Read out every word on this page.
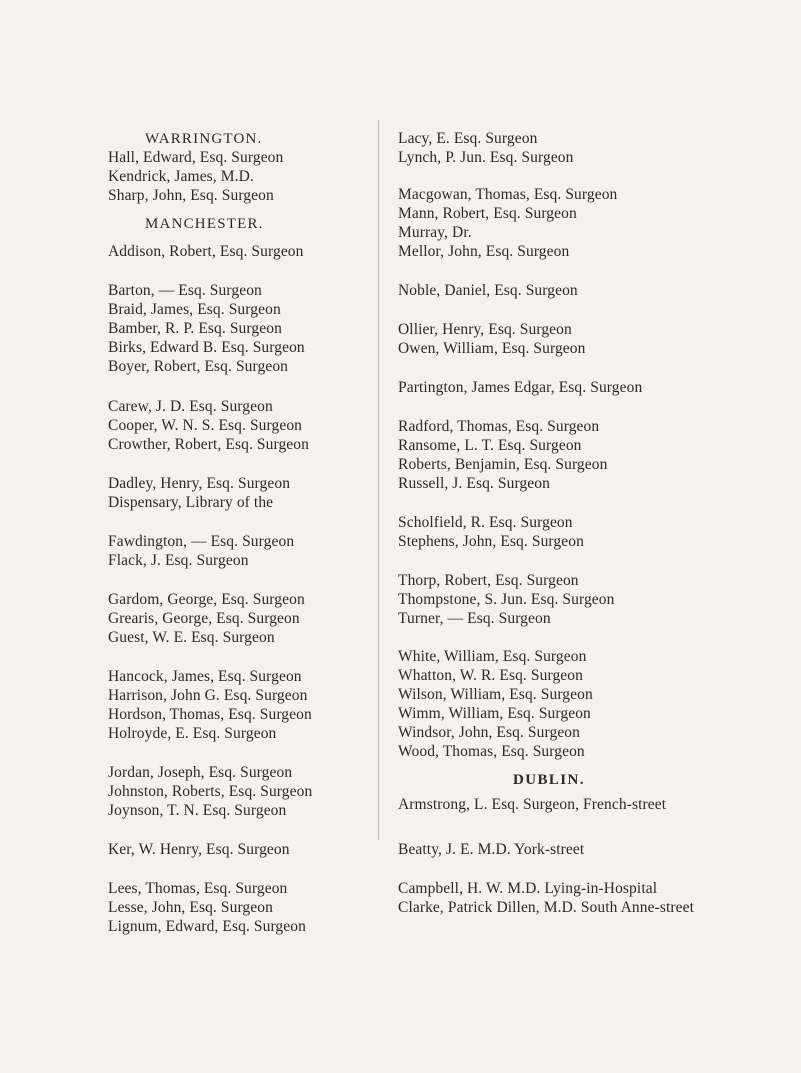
WARRINGTON.
Hall, Edward, Esq. Surgeon
Kendrick, James, M.D.
Sharp, John, Esq. Surgeon
MANCHESTER.
Addison, Robert, Esq. Surgeon
Barton, — Esq. Surgeon
Braid, James, Esq. Surgeon
Bamber, R. P. Esq. Surgeon
Birks, Edward B. Esq. Surgeon
Boyer, Robert, Esq. Surgeon
Carew, J. D. Esq. Surgeon
Cooper, W. N. S. Esq. Surgeon
Crowther, Robert, Esq. Surgeon
Dadley, Henry, Esq. Surgeon
Dispensary, Library of the
Fawdington, — Esq. Surgeon
Flack, J. Esq. Surgeon
Gardom, George, Esq. Surgeon
Grearis, George, Esq. Surgeon
Guest, W. E. Esq. Surgeon
Hancock, James, Esq. Surgeon
Harrison, John G. Esq. Surgeon
Hordson, Thomas, Esq. Surgeon
Holroyde, E. Esq. Surgeon
Jordan, Joseph, Esq. Surgeon
Johnston, Roberts, Esq. Surgeon
Joynson, T. N. Esq. Surgeon
Ker, W. Henry, Esq. Surgeon
Lees, Thomas, Esq. Surgeon
Lesse, John, Esq. Surgeon
Lignum, Edward, Esq. Surgeon
Lacy, E. Esq. Surgeon
Lynch, P. Jun. Esq. Surgeon
Macgowan, Thomas, Esq. Surgeon
Mann, Robert, Esq. Surgeon
Murray, Dr.
Mellor, John, Esq. Surgeon
Noble, Daniel, Esq. Surgeon
Ollier, Henry, Esq. Surgeon
Owen, William, Esq. Surgeon
Partington, James Edgar, Esq. Surgeon
Radford, Thomas, Esq. Surgeon
Ransome, L. T. Esq. Surgeon
Roberts, Benjamin, Esq. Surgeon
Russell, J. Esq. Surgeon
Scholfield, R. Esq. Surgeon
Stephens, John, Esq. Surgeon
Thorp, Robert, Esq. Surgeon
Thompstone, S. Jun. Esq. Surgeon
Turner, — Esq. Surgeon
White, William, Esq. Surgeon
Whatton, W. R. Esq. Surgeon
Wilson, William, Esq. Surgeon
Wimm, William, Esq. Surgeon
Windsor, John, Esq. Surgeon
Wood, Thomas, Esq. Surgeon
DUBLIN.
Armstrong, L. Esq. Surgeon, French-street
Beatty, J. E. M.D. York-street
Campbell, H. W. M.D. Lying-in-Hospital
Clarke, Patrick Dillen, M.D. South Anne-street
